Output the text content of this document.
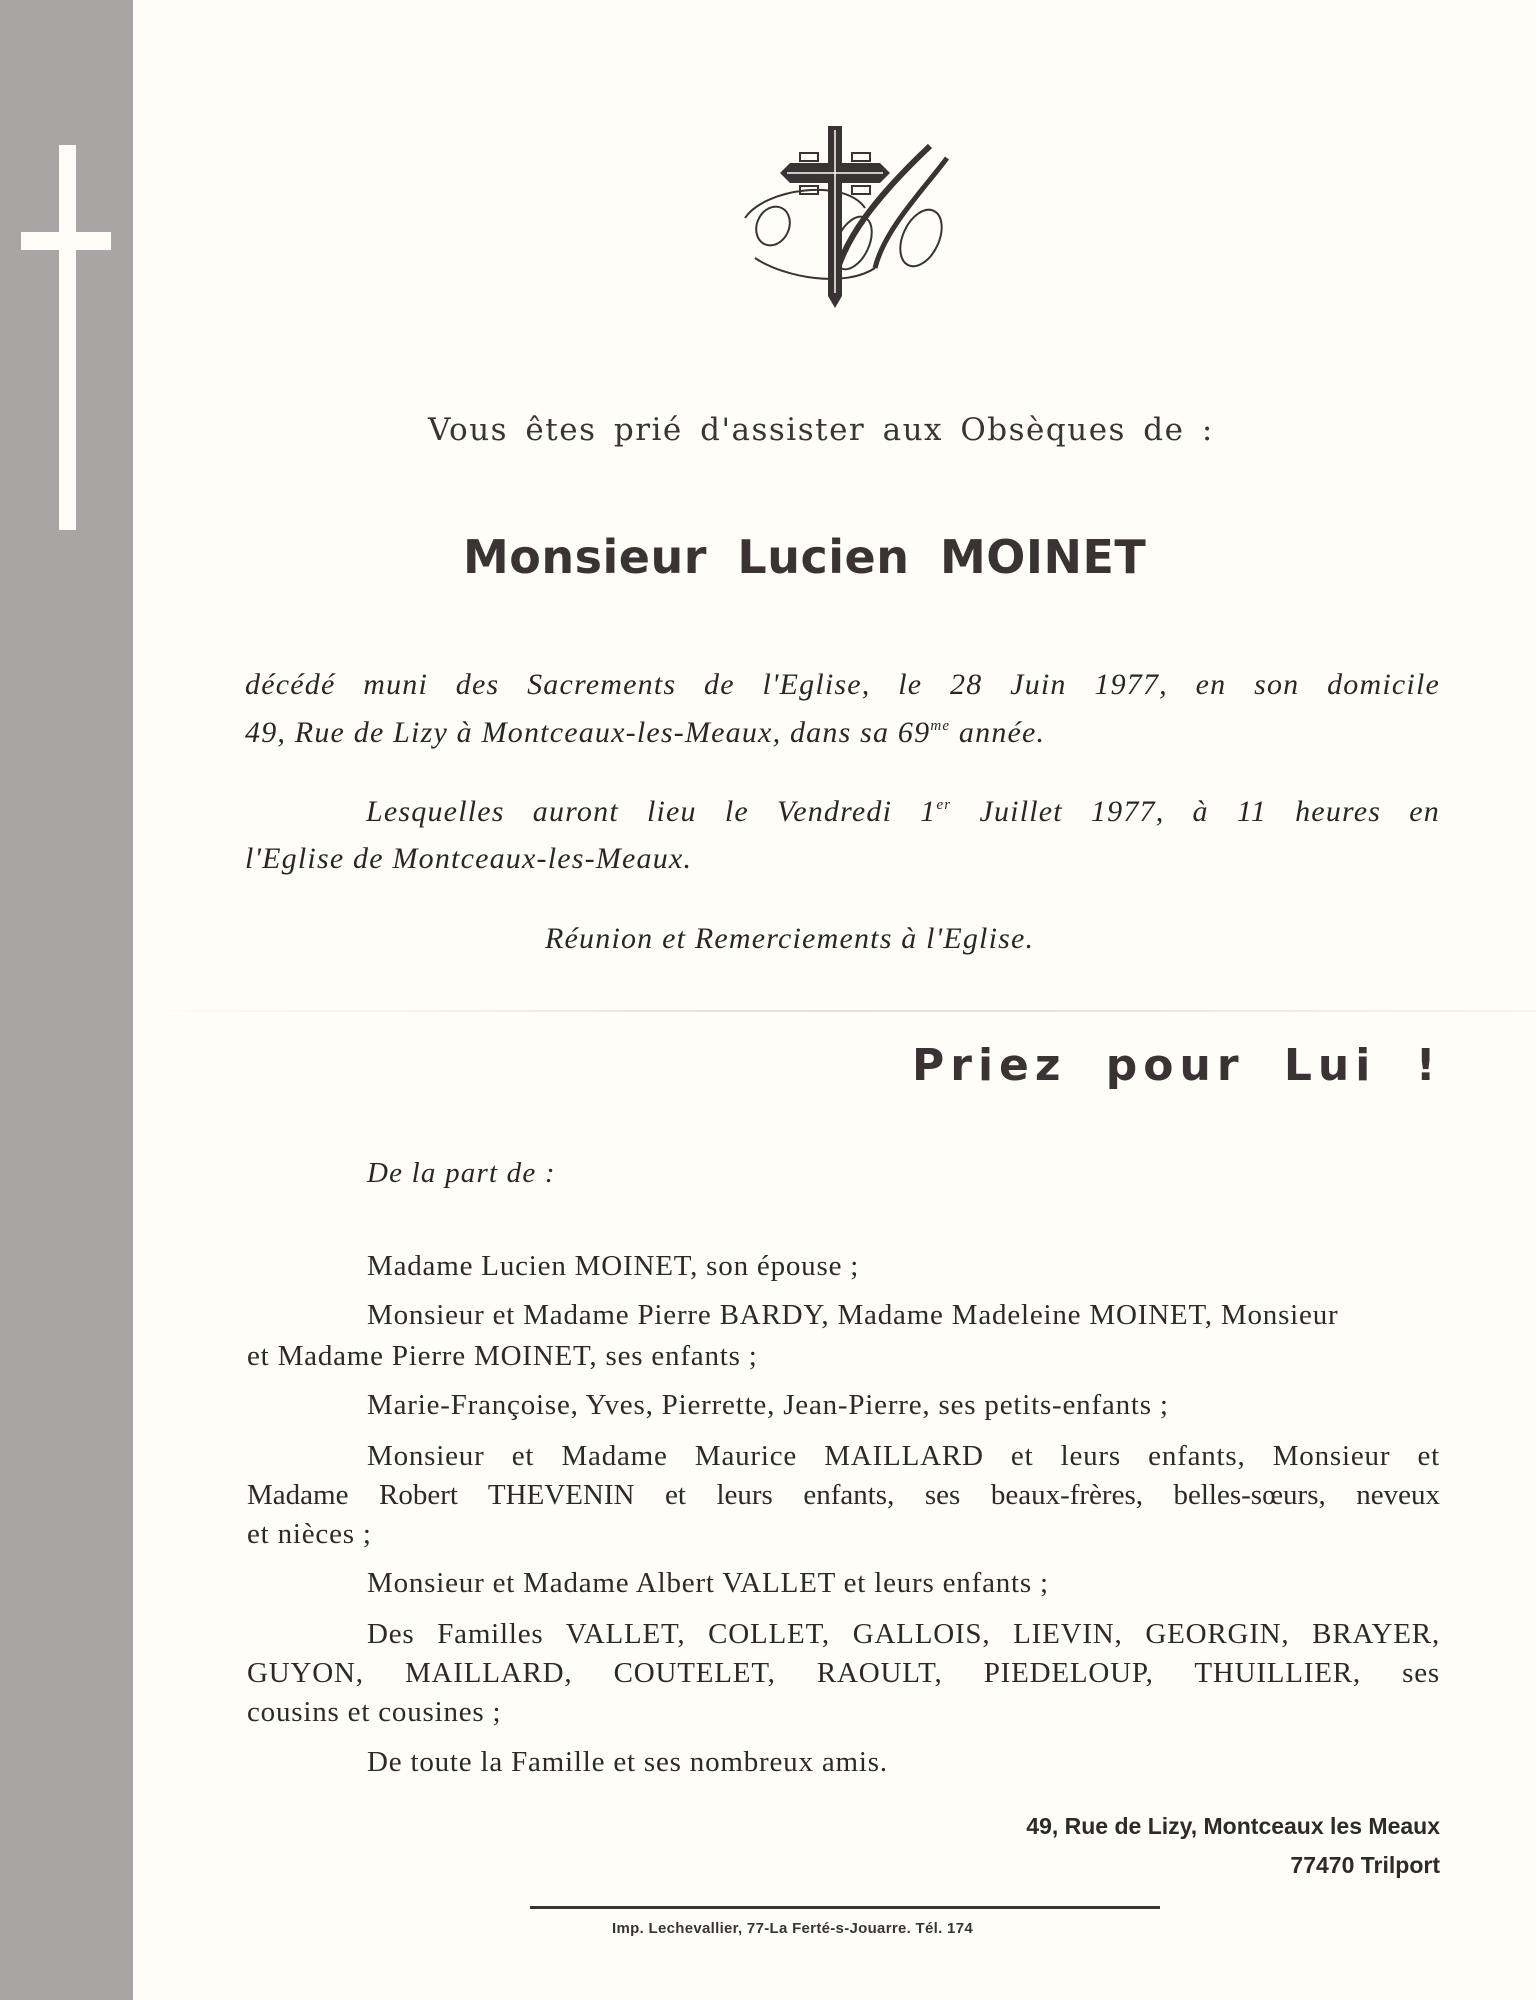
Vous êtes prié d'assister aux Obsèques de :
Monsieur Lucien MOINET
décédé muni des Sacrements de l'Eglise, le 28 Juin 1977, en son domicile
49, Rue de Lizy à Montceaux-les-Meaux, dans sa $69^{me}$ année.
Lesquelles auront lieu le Vendredi 1er Juillet 1977, à 11 heures en
l'Eglise de Montceaux-les-Meaux.
Réunion et Remerciements à l'Eglise.
Priez pour Lui !
De la part de :
Madame Lucien MOINET, son épouse ;
Monsieur et Madame Pierre BARDY, Madame Madeleine MOINET, Monsieur
et Madame Pierre MOINET, ses enfants ;
Marie-Françoise, Yves, Pierrette, Jean-Pierre, ses petits-enfants ;
Monsieur et Madame Maurice MAILLARD et leurs enfants, Monsieur et
Madame Robert THEVENIN et leurs enfants, ses beaux-frères, belles-sœurs, neveux
et nièces ;
Monsieur et Madame Albert VALLET et leurs enfants ;
Des Familles VALLET, COLLET, GALLOIS, LIEVIN, GEORGIN, BRAYER,
GUYON, MAILLARD, COUTELET, RAOULT, PIEDELOUP, THUILLIER, ses
cousins et cousines ;
De toute la Famille et ses nombreux amis.
49, Rue de Lizy, Montceaux les Meaux
77470 Trilport
Imp. Lechevallier, 77-La Ferté-s-Jouarre. Tél. 174
